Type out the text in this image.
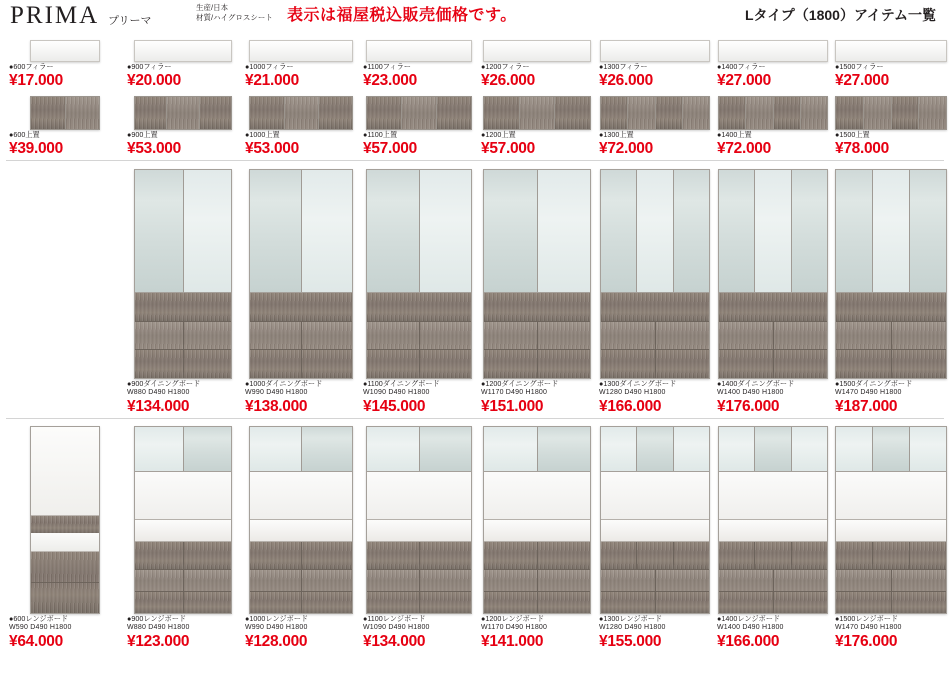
PRIMA プリーマ
生産/日本
材質/ハイグロスシート 表示は福屋税込販売価格です。	Lタイプ（1800）アイテム一覧
●600フィラー
¥17.000
●900フィラー
¥20.000
●1000フィラー
¥21.000
●1100フィラー
¥23.000
●1200フィラー
¥26.000
●1300フィラー
¥26.000
●1400フィラー
¥27.000
●1500フィラー
¥27.000
●600上置
¥39.000
●900上置
¥53.000
●1000上置
¥53.000
●1100上置
¥57.000
●1200上置
¥57.000
●1300上置
¥72.000
●1400上置
¥72.000
●1500上置
¥78.000
●900ダイニングボード
W880 D490 H1800
¥134.000
●1000ダイニングボード
W990 D490 H1800
¥138.000
●1100ダイニングボード
W1090 D490 H1800
¥145.000
●1200ダイニングボード
W1170 D490 H1800
¥151.000
●1300ダイニングボード
W1280 D490 H1800
¥166.000
●1400ダイニングボード
W1400 D490 H1800
¥176.000
●1500ダイニングボード
W1470 D490 H1800
¥187.000
●600レンジボード
W590 D490 H1800
¥64.000
●900レンジボード
W880 D490 H1800
¥123.000
●1000レンジボード
W990 D490 H1800
¥128.000
●1100レンジボード
W1090 D490 H1800
¥134.000
●1200レンジボード
W1170 D490 H1800
¥141.000
●1300レンジボード
W1280 D490 H1800
¥155.000
●1400レンジボード
W1400 D490 H1800
¥166.000
●1500レンジボード
W1470 D490 H1800
¥176.000
